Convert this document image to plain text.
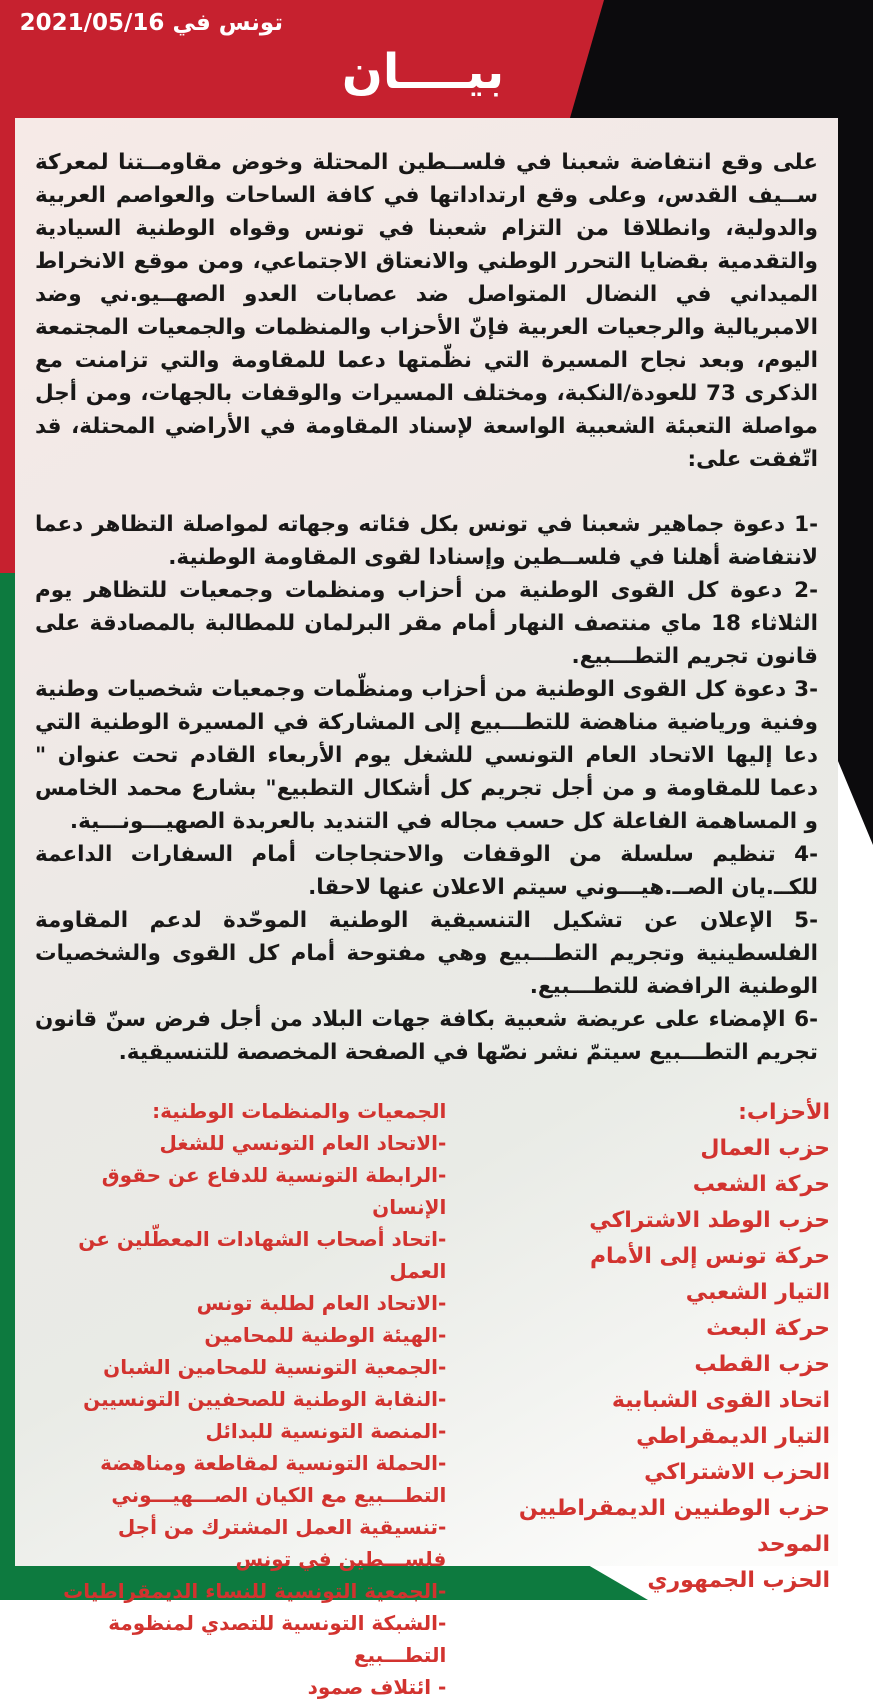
تونس في 2021/05/16
بيــــان

على وقع انتفاضة شعبنا في فلســطين المحتلة وخوض مقاومــتنا لمعركة ســيف القدس، وعلى وقع ارتداداتها في كافة الساحات والعواصم العربية والدولية، وانطلاقا من التزام شعبنا في تونس وقواه الوطنية السيادية والتقدمية بقضايا التحرر الوطني والانعتاق الاجتماعي، ومن موقع الانخراط الميداني في النضال المتواصل ضد عصابات العدو الصهــيو.ني وضد الامبريالية والرجعيات العربية فإنّ الأحزاب والمنظمات والجمعيات المجتمعة اليوم، وبعد نجاح المسيرة التي نظّمتها دعما للمقاومة والتي تزامنت مع الذكرى 73 للعودة/النكبة، ومختلف المسيرات والوقفات بالجهات، ومن أجل مواصلة التعبئة الشعبية الواسعة لإسناد المقاومة في الأراضي المحتلة، قد اتّفقت على:

-1 دعوة جماهير شعبنا في تونس بكل فئاته وجهاته لمواصلة التظاهر دعما لانتفاضة أهلنا في فلســطين وإسنادا لقوى المقاومة الوطنية.

-2 دعوة كل القوى الوطنية من أحزاب ومنظمات وجمعيات للتظاهر يوم الثلاثاء 18 ماي منتصف النهار أمام مقر البرلمان للمطالبة بالمصادقة على قانون تجريم التطـــبيع.

-3 دعوة كل القوى الوطنية من أحزاب ومنظّمات وجمعيات شخصيات وطنية وفنية ورياضية مناهضة للتطـــبيع إلى المشاركة في المسيرة الوطنية التي دعا إليها الاتحاد العام التونسي للشغل يوم الأربعاء القادم تحت عنوان " دعما للمقاومة و من أجل تجريم كل أشكال التطبيع" بشارع محمد الخامس و المساهمة الفاعلة كل حسب مجاله في التنديد بالعربدة الصهيـــونـــية.

-4 تنظيم سلسلة من الوقفات والاحتجاجات أمام السفارات الداعمة للكــ.يان الصــ.هيـــوني سيتم الاعلان عنها لاحقا.

-5 الإعلان عن تشكيل التنسيقية الوطنية الموحّدة لدعم المقاومة الفلسطينية وتجريم التطـــبيع وهي مفتوحة أمام كل القوى والشخصيات الوطنية الرافضة للتطـــبيع.

-6 الإمضاء على عريضة شعبية بكافة جهات البلاد من أجل فرض سنّ قانون تجريم التطـــبيع سيتمّ نشر نصّها في الصفحة المخصصة للتنسيقية.

الأحزاب:
حزب العمال
حركة الشعب
حزب الوطد الاشتراكي
حركة تونس إلى الأمام
التيار الشعبي
حركة البعث
حزب القطب
اتحاد القوى الشبابية
التيار الديمقراطي
الحزب الاشتراكي
حزب الوطنيين الديمقراطيين الموحد
الحزب الجمهوري
الجمعيات والمنظمات الوطنية:
-الاتحاد العام التونسي للشغل
-الرابطة التونسية للدفاع عن حقوق الإنسان
-اتحاد أصحاب الشهادات المعطّلين عن العمل
-الاتحاد العام لطلبة تونس
-الهيئة الوطنية للمحامين
-الجمعية التونسية للمحامين الشبان
-النقابة الوطنية للصحفيين التونسيين
-المنصة التونسية للبدائل
-الحملة التونسية لمقاطعة ومناهضة التطـــبيع مع الكيان الصـــهيـــوني
-تنسيقية العمل المشترك من أجل فلســـطين في تونس
-الجمعية التونسية للنساء الديمقراطيات
-الشبكة التونسية للتصدي لمنظومة التطـــبيع
- ائتلاف صمود
